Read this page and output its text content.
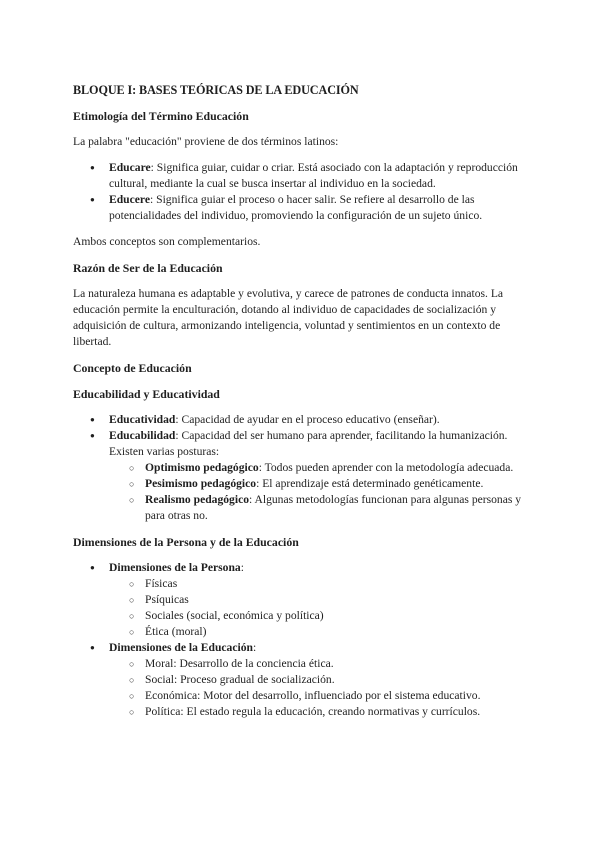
BLOQUE I: BASES TEÓRICAS DE LA EDUCACIÓN
Etimología del Término Educación

La palabra "educación" proviene de dos términos latinos:

● Educare: Significa guiar, cuidar o criar. Está asociado con la adaptación y reproducción cultural, mediante la cual se busca insertar al individuo en la sociedad.
● Educere: Significa guiar el proceso o hacer salir. Se refiere al desarrollo de las potencialidades del individuo, promoviendo la configuración de un sujeto único.

Ambos conceptos son complementarios.

Razón de Ser de la Educación

La naturaleza humana es adaptable y evolutiva, y carece de patrones de conducta innatos. La educación permite la enculturación, dotando al individuo de capacidades de socialización y adquisición de cultura, armonizando inteligencia, voluntad y sentimientos en un contexto de libertad.

Concepto de Educación
Educabilidad y Educatividad
● Educatividad: Capacidad de ayudar en el proceso educativo (enseñar).
● Educabilidad: Capacidad del ser humano para aprender, facilitando la humanización. Existen varias posturas:
○ Optimismo pedagógico: Todos pueden aprender con la metodología adecuada.
○ Pesimismo pedagógico: El aprendizaje está determinado genéticamente.
○ Realismo pedagógico: Algunas metodologías funcionan para algunas personas y para otras no.
Dimensiones de la Persona y de la Educación
● Dimensiones de la Persona:
○ Físicas
○ Psíquicas
○ Sociales (social, económica y política)
○ Ética (moral)
● Dimensiones de la Educación:
○ Moral: Desarrollo de la conciencia ética.
○ Social: Proceso gradual de socialización.
○ Económica: Motor del desarrollo, influenciado por el sistema educativo.
○ Política: El estado regula la educación, creando normativas y currículos.
